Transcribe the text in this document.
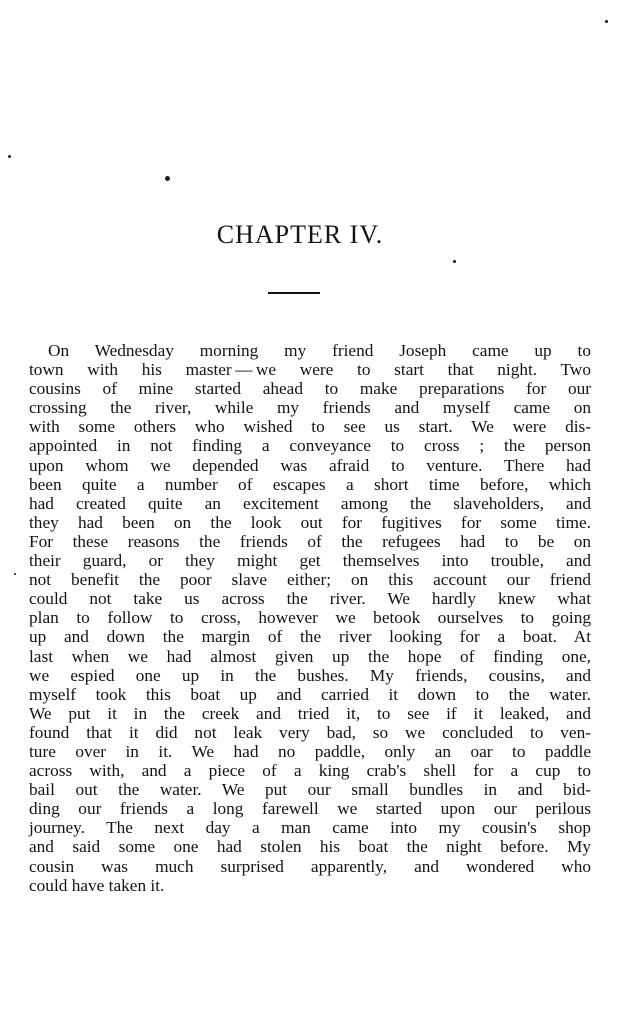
CHAPTER IV.
On Wednesday morning my friend Joseph came up to
town with his master — we were to start that night. Two
cousins of mine started ahead to make preparations for our
crossing the river, while my friends and myself came on
with some others who wished to see us start. We were dis-
appointed in not finding a conveyance to cross ; the person
upon whom we depended was afraid to venture. There had
been quite a number of escapes a short time before, which
had created quite an excitement among the slaveholders, and
they had been on the look out for fugitives for some time.
For these reasons the friends of the refugees had to be on
their guard, or they might get themselves into trouble, and
not benefit the poor slave either; on this account our friend
could not take us across the river. We hardly knew what
plan to follow to cross, however we betook ourselves to going
up and down the margin of the river looking for a boat. At
last when we had almost given up the hope of finding one,
we espied one up in the bushes. My friends, cousins, and
myself took this boat up and carried it down to the water.
We put it in the creek and tried it, to see if it leaked, and
found that it did not leak very bad, so we concluded to ven-
ture over in it. We had no paddle, only an oar to paddle
across with, and a piece of a king crab's shell for a cup to
bail out the water. We put our small bundles in and bid-
ding our friends a long farewell we started upon our perilous
journey. The next day a man came into my cousin's shop
and said some one had stolen his boat the night before. My
cousin was much surprised apparently, and wondered who
could have taken it.
